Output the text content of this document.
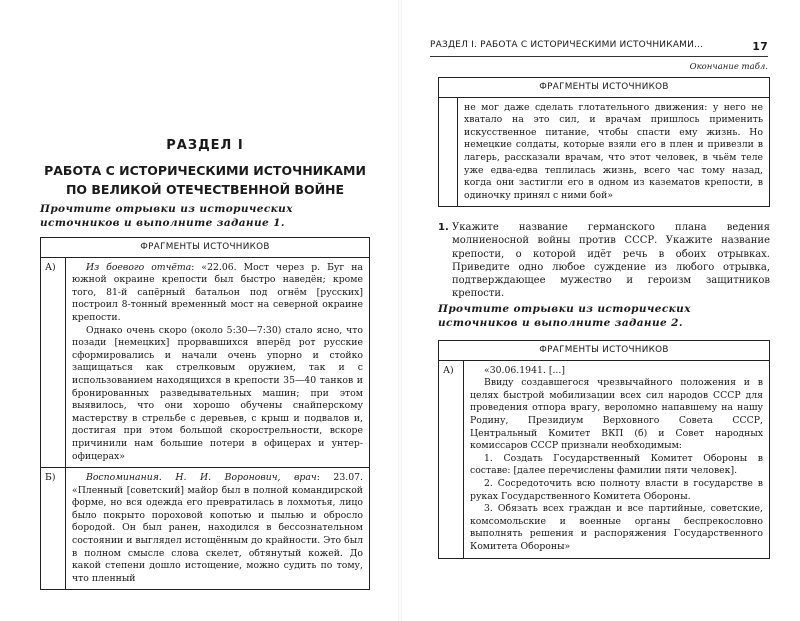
РАЗДЕЛ I
РАБОТА С ИСТОРИЧЕСКИМИ ИСТОЧНИКАМИ
ПО ВЕЛИКОЙ ОТЕЧЕСТВЕННОЙ ВОЙНЕ
Прочтите отрывки из исторических источников и выполните задание 1.
ФРАГМЕНТЫ ИСТОЧНИКОВ	
А)	Из боевого отчёта: «22.06. Мост через р. Буг на южной окраине крепости был быстро наведён; кроме того, 81-й сапёрный батальон под огнём [русских] построил 8-тонный временный мост на северной окраине крепости.

Однако очень скоро (около 5:30—7:30) стало ясно, что позади [немецких] прорвавшихся вперёд рот русские сформировались и начали очень упорно и стойко защищаться как стрелковым оружием, так и с использованием находящихся в крепости 35—40 танков и бронированных разведывательных машин; при этом выявилось, что они хорошо обучены снайперскому мастерству в стрельбе с деревьев, с крыш и подвалов и, достигая при этом большой скорострельности, вскоре причинили нам большие потери в офицерах и унтер-офицерах»

Б)	Воспоминания. Н. И. Воронович, врач: 23.07. «Пленный [советский] майор был в полной командирской форме, но вся одежда его превратилась в лохмотья, лицо было покрыто пороховой копотью и пылью и обросло бородой. Он был ранен, находился в бессознательном состоянии и выглядел истощённым до крайности. Это был в полном смысле слова скелет, обтянутый кожей. До какой степени дошло истощение, можно судить по тому, что пленный

РАЗДЕЛ I. РАБОТА С ИСТОРИЧЕСКИМИ ИСТОЧНИКАМИ...	17
Окончание табл.
ФРАГМЕНТЫ ИСТОЧНИКОВ

не мог даже сделать глотательного движения: у него не хватало на это сил, и врачам пришлось применить искусственное питание, чтобы спасти ему жизнь. Но немецкие солдаты, которые взяли его в плен и привезли в лагерь, рассказали врачам, что этот человек, в чьём теле уже едва-едва теплилась жизнь, всего час тому назад, когда они застигли его в одном из казематов крепости, в одиночку принял с ними бой»

1. Укажите название германского плана ведения молниеносной войны против СССР. Укажите название крепости, о которой идёт речь в обоих отрывках. Приведите одно любое суждение из любого отрывка, подтверждающее мужество и героизм защитников крепости.
Прочтите отрывки из исторических источников и выполните задание 2.
ФРАГМЕНТЫ ИСТОЧНИКОВ
А)	«30.06.1941. [...]

Ввиду создавшегося чрезвычайного положения и в целях быстрой мобилизации всех сил народов СССР для проведения отпора врагу, вероломно напавшему на нашу Родину, Президиум Верховного Совета СССР, Центральный Комитет ВКП (б) и Совет народных комиссаров СССР признали необходимым:

1. Создать Государственный Комитет Обороны в составе: [далее перечислены фамилии пяти человек].

2. Сосредоточить всю полноту власти в государстве в руках Государственного Комитета Обороны.

3. Обязать всех граждан и все партийные, советские, комсомольские и военные органы беспрекословно выполнять решения и распоряжения Государственного Комитета Обороны»
